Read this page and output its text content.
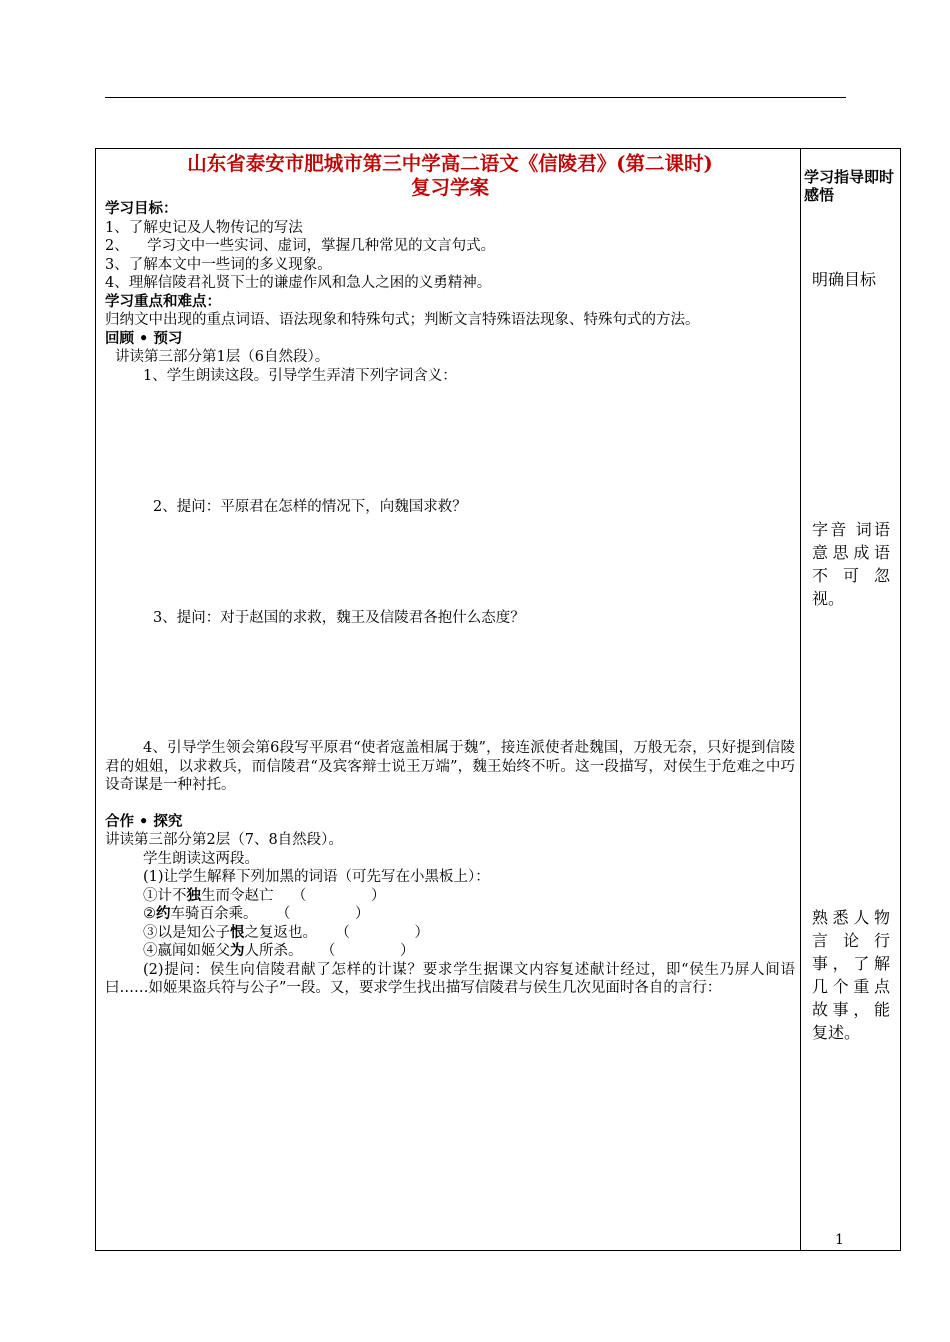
山东省泰安市肥城市第三中学高二语文《信陵君》(第二课时)
复习学案
学习目标：
1、了解史记及人物传记的写法
2、    学习文中一些实词、虚词，掌握几种常见的文言句式。
3、了解本文中一些词的多义现象。
4、理解信陵君礼贤下士的谦虚作风和急人之困的义勇精神。
学习重点和难点：
归纳文中出现的重点词语、语法现象和特殊句式；判断文言特殊语法现象、特殊句式的方法。
回顾 • 预习
讲读第三部分第1层（6自然段）。
1、学生朗读这段。引导学生弄清下列字词含义：
2、提问：平原君在怎样的情况下，向魏国求救？
3、提问：对于赵国的求救，魏王及信陵君各抱什么态度？
4、引导学生领会第6段写平原君“使者寇盖相属于魏”，接连派使者赴魏国，万般无奈，只好提到信陵君的姐姐，以求救兵，而信陵君“及宾客辩士说王万端”，魏王始终不听。这一段描写，对侯生于危难之中巧设奇谋是一种衬托。
合作 • 探究
讲读第三部分第2层（7、8自然段）。
学生朗读这两段。
(1)让学生解释下列加黑的词语（可先写在小黑板上）：
①计不独生而令赵亡    （              ）
②约车骑百余乘。    （              ）
③以是知公子恨之复返也。    （              ）
④嬴闻如姬父为人所杀。    （              ）
(2)提问：侯生向信陵君献了怎样的计谋？要求学生据课文内容复述献计经过，即“侯生乃屏人间语曰……如姬果盗兵符与公子”一段。又，要求学生找出描写信陵君与侯生几次见面时各自的言行：
学习指导即时感悟
明确目标
字音 词语意思成语不可忽视。
熟悉人物言论行事，了解几个重点故事，能复述。
1
